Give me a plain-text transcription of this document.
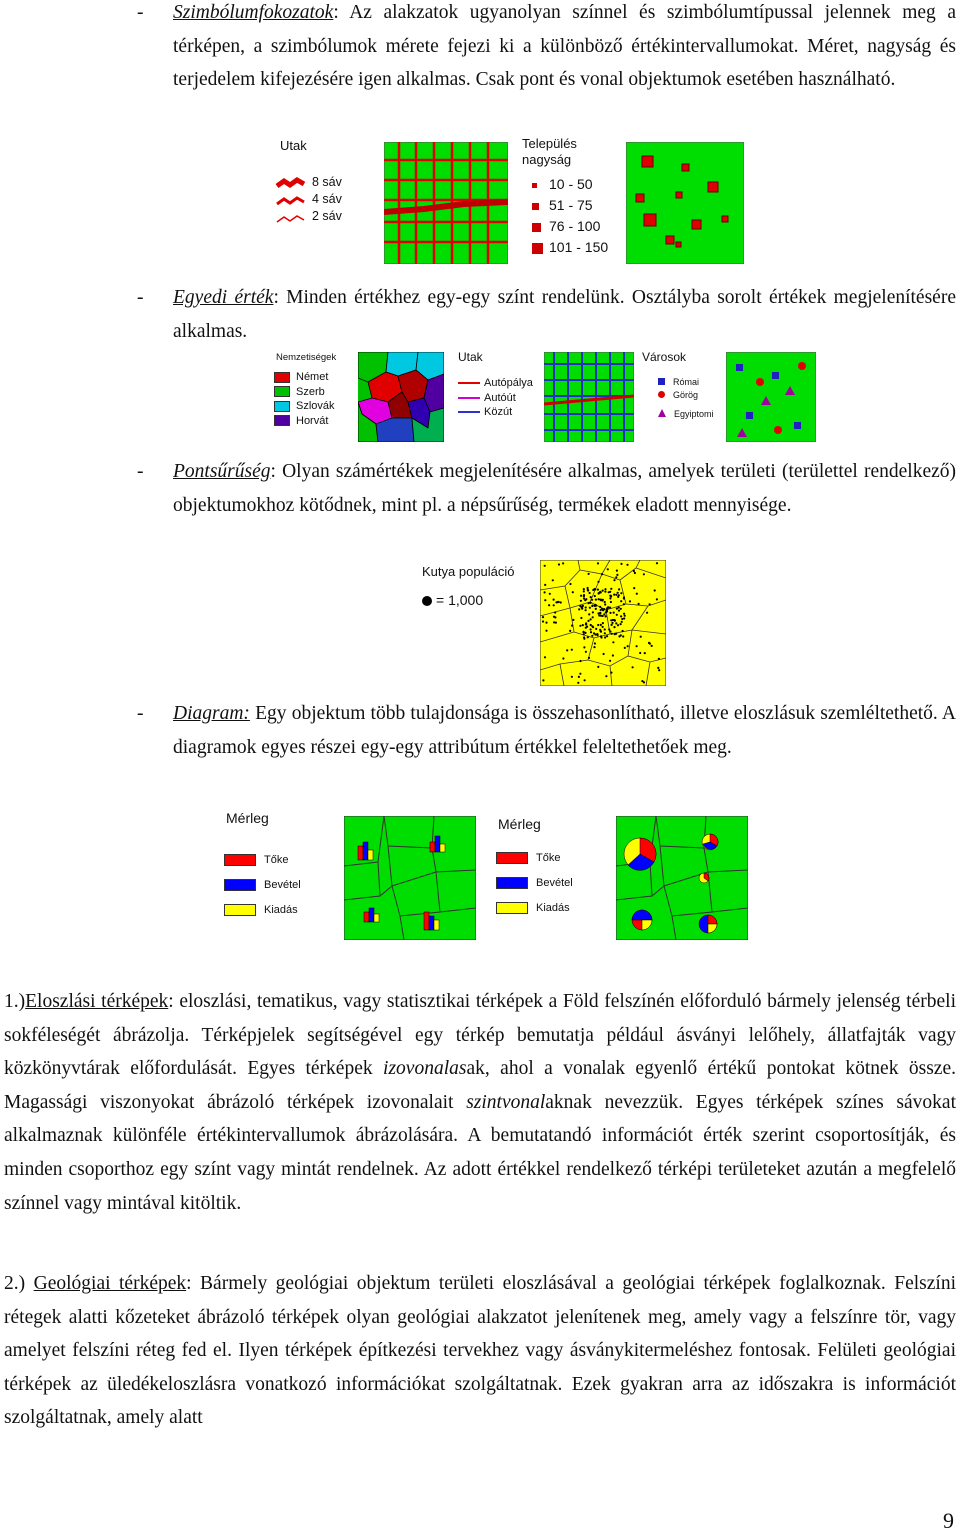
- Szimbólumfokozatok: Az alakzatok ugyanolyan színnel és szimbólumtípussal jelennek meg a térképen, a szimbólumok mérete fejezi ki a különböző értékintervallumokat. Méret, nagyság és terjedelem kifejezésére igen alkalmas. Csak pont és vonal objektumok esetében használható.
Utak
8 sáv
4 sáv
2 sáv
Település
nagyság
10 - 50
51 - 75
76 - 100
101 - 150
- Egyedi érték: Minden értékhez egy-egy színt rendelünk. Osztályba sorolt értékek megjelenítésére alkalmas.
Nemzetiségek
Német
Szerb
Szlovák
Horvát
Utak
Autópálya
Autóút
Közút
Városok
Római
Görög
Egyiptomi
- Pontsűrűség: Olyan számértékek megjelenítésére alkalmas, amelyek területi (területtel rendelkező) objektumokhoz kötődnek, mint pl. a népsűrűség, termékek eladott mennyisége.
Kutya populáció
= 1,000
- Diagram: Egy objektum több tulajdonsága is összehasonlítható, illetve eloszlásuk szemléltethető. A diagramok egyes részei egy-egy attribútum értékkel feleltethetőek meg.
Mérleg
Tőke
Bevétel
Kiadás
Mérleg
Tőke
Bevétel
Kiadás
1.)Eloszlási térképek: eloszlási, tematikus, vagy statisztikai térképek a Föld felszínén előforduló bármely jelenség térbeli sokféleségét ábrázolja. Térképjelek segítségével egy térkép bemutatja például ásványi lelőhely, állatfajták vagy közkönyvtárak előfordulását. Egyes térképek izovonalasak, ahol a vonalak egyenlő értékű pontokat kötnek össze. Magassági viszonyokat ábrázoló térképek izovonalait szintvonalaknak nevezzük. Egyes térképek színes sávokat alkalmaznak különféle értékintervallumok ábrázolására. A bemutatandó információt érték szerint csoportosítják, és minden csoporthoz egy színt vagy mintát rendelnek. Az adott értékkel rendelkező térképi területeket azután a megfelelő színnel vagy mintával kitöltik.
2.) Geológiai térképek: Bármely geológiai objektum területi eloszlásával a geológiai térképek foglalkoznak. Felszíni rétegek alatti kőzeteket ábrázoló térképek olyan geológiai alakzatot jelenítenek meg, amely vagy a felszínre tör, vagy amelyet felszíni réteg fed el. Ilyen térképek építkezési tervekhez vagy ásványkitermeléshez fontosak. Felületi geológiai térképek az üledékeloszlásra vonatkozó információkat szolgáltatnak. Ezek gyakran arra az időszakra is információt szolgáltatnak, amely alatt
9
